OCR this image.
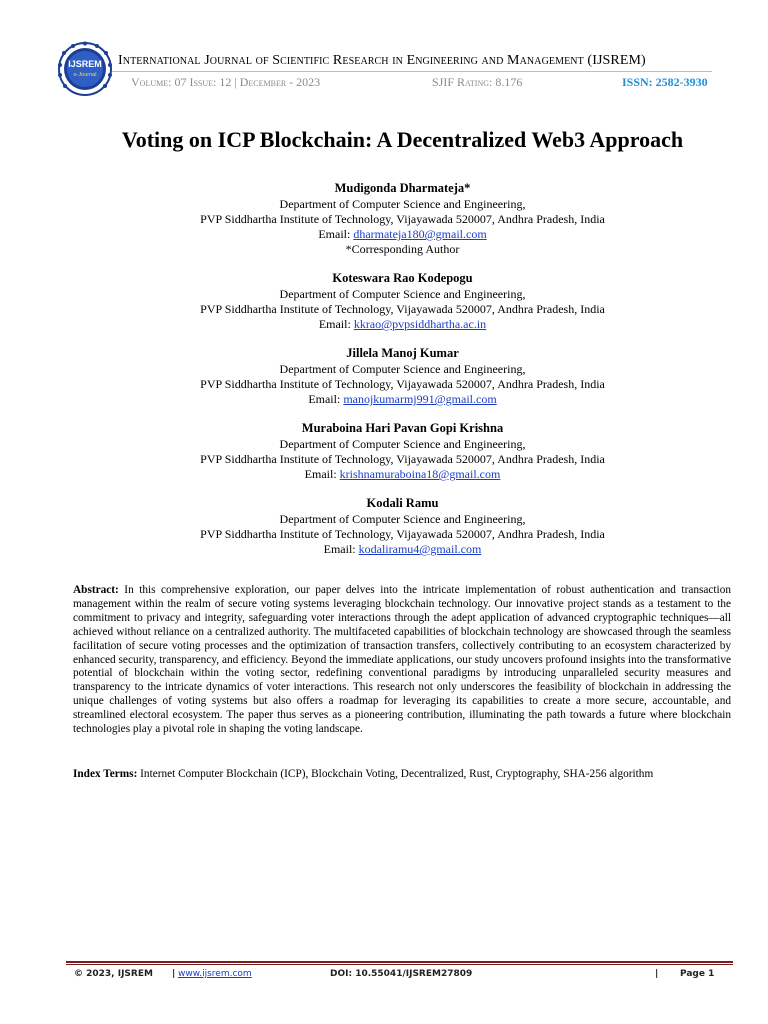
IJSREM
e-Journal
International Journal of Scientific Research in Engineering and Management (IJSREM)
Volume: 07 Issue: 12 | December - 2023	SJIF Rating: 8.176	ISSN: 2582-3930
Voting on ICP Blockchain: A Decentralized Web3 Approach
Mudigonda Dharmateja*
Department of Computer Science and Engineering,
PVP Siddhartha Institute of Technology, Vijayawada 520007, Andhra Pradesh, India
Email: dharmateja180@gmail.com
*Corresponding Author
Koteswara Rao Kodepogu
Department of Computer Science and Engineering,
PVP Siddhartha Institute of Technology, Vijayawada 520007, Andhra Pradesh, India
Email: kkrao@pvpsiddhartha.ac.in
Jillela Manoj Kumar
Department of Computer Science and Engineering,
PVP Siddhartha Institute of Technology, Vijayawada 520007, Andhra Pradesh, India
Email: manojkumarmj991@gmail.com
Muraboina Hari Pavan Gopi Krishna
Department of Computer Science and Engineering,
PVP Siddhartha Institute of Technology, Vijayawada 520007, Andhra Pradesh, India
Email: krishnamuraboina18@gmail.com
Kodali Ramu
Department of Computer Science and Engineering,
PVP Siddhartha Institute of Technology, Vijayawada 520007, Andhra Pradesh, India
Email: kodaliramu4@gmail.com

Abstract: In this comprehensive exploration, our paper delves into the intricate implementation of robust authentication and transaction management within the realm of secure voting systems leveraging blockchain technology. Our innovative project stands as a testament to the commitment to privacy and integrity, safeguarding voter interactions through the adept application of advanced cryptographic techniques—all achieved without reliance on a centralized authority. The multifaceted capabilities of blockchain technology are showcased through the seamless facilitation of secure voting processes and the optimization of transaction transfers, collectively contributing to an ecosystem characterized by enhanced security, transparency, and efficiency. Beyond the immediate applications, our study uncovers profound insights into the transformative potential of blockchain within the voting sector, redefining conventional paradigms by introducing unparalleled security measures and transparency to the intricate dynamics of voter interactions. This research not only underscores the feasibility of blockchain in addressing the unique challenges of voting systems but also offers a roadmap for leveraging its capabilities to create a more secure, accountable, and streamlined electoral ecosystem. The paper thus serves as a pioneering contribution, illuminating the path towards a future where blockchain technologies play a pivotal role in shaping the voting landscape.

Index Terms: Internet Computer Blockchain (ICP), Blockchain Voting, Decentralized, Rust, Cryptography, SHA-256 algorithm

© 2023, IJSREM | www.ijsrem.com	DOI: 10.55041/IJSREM27809	| Page 1
